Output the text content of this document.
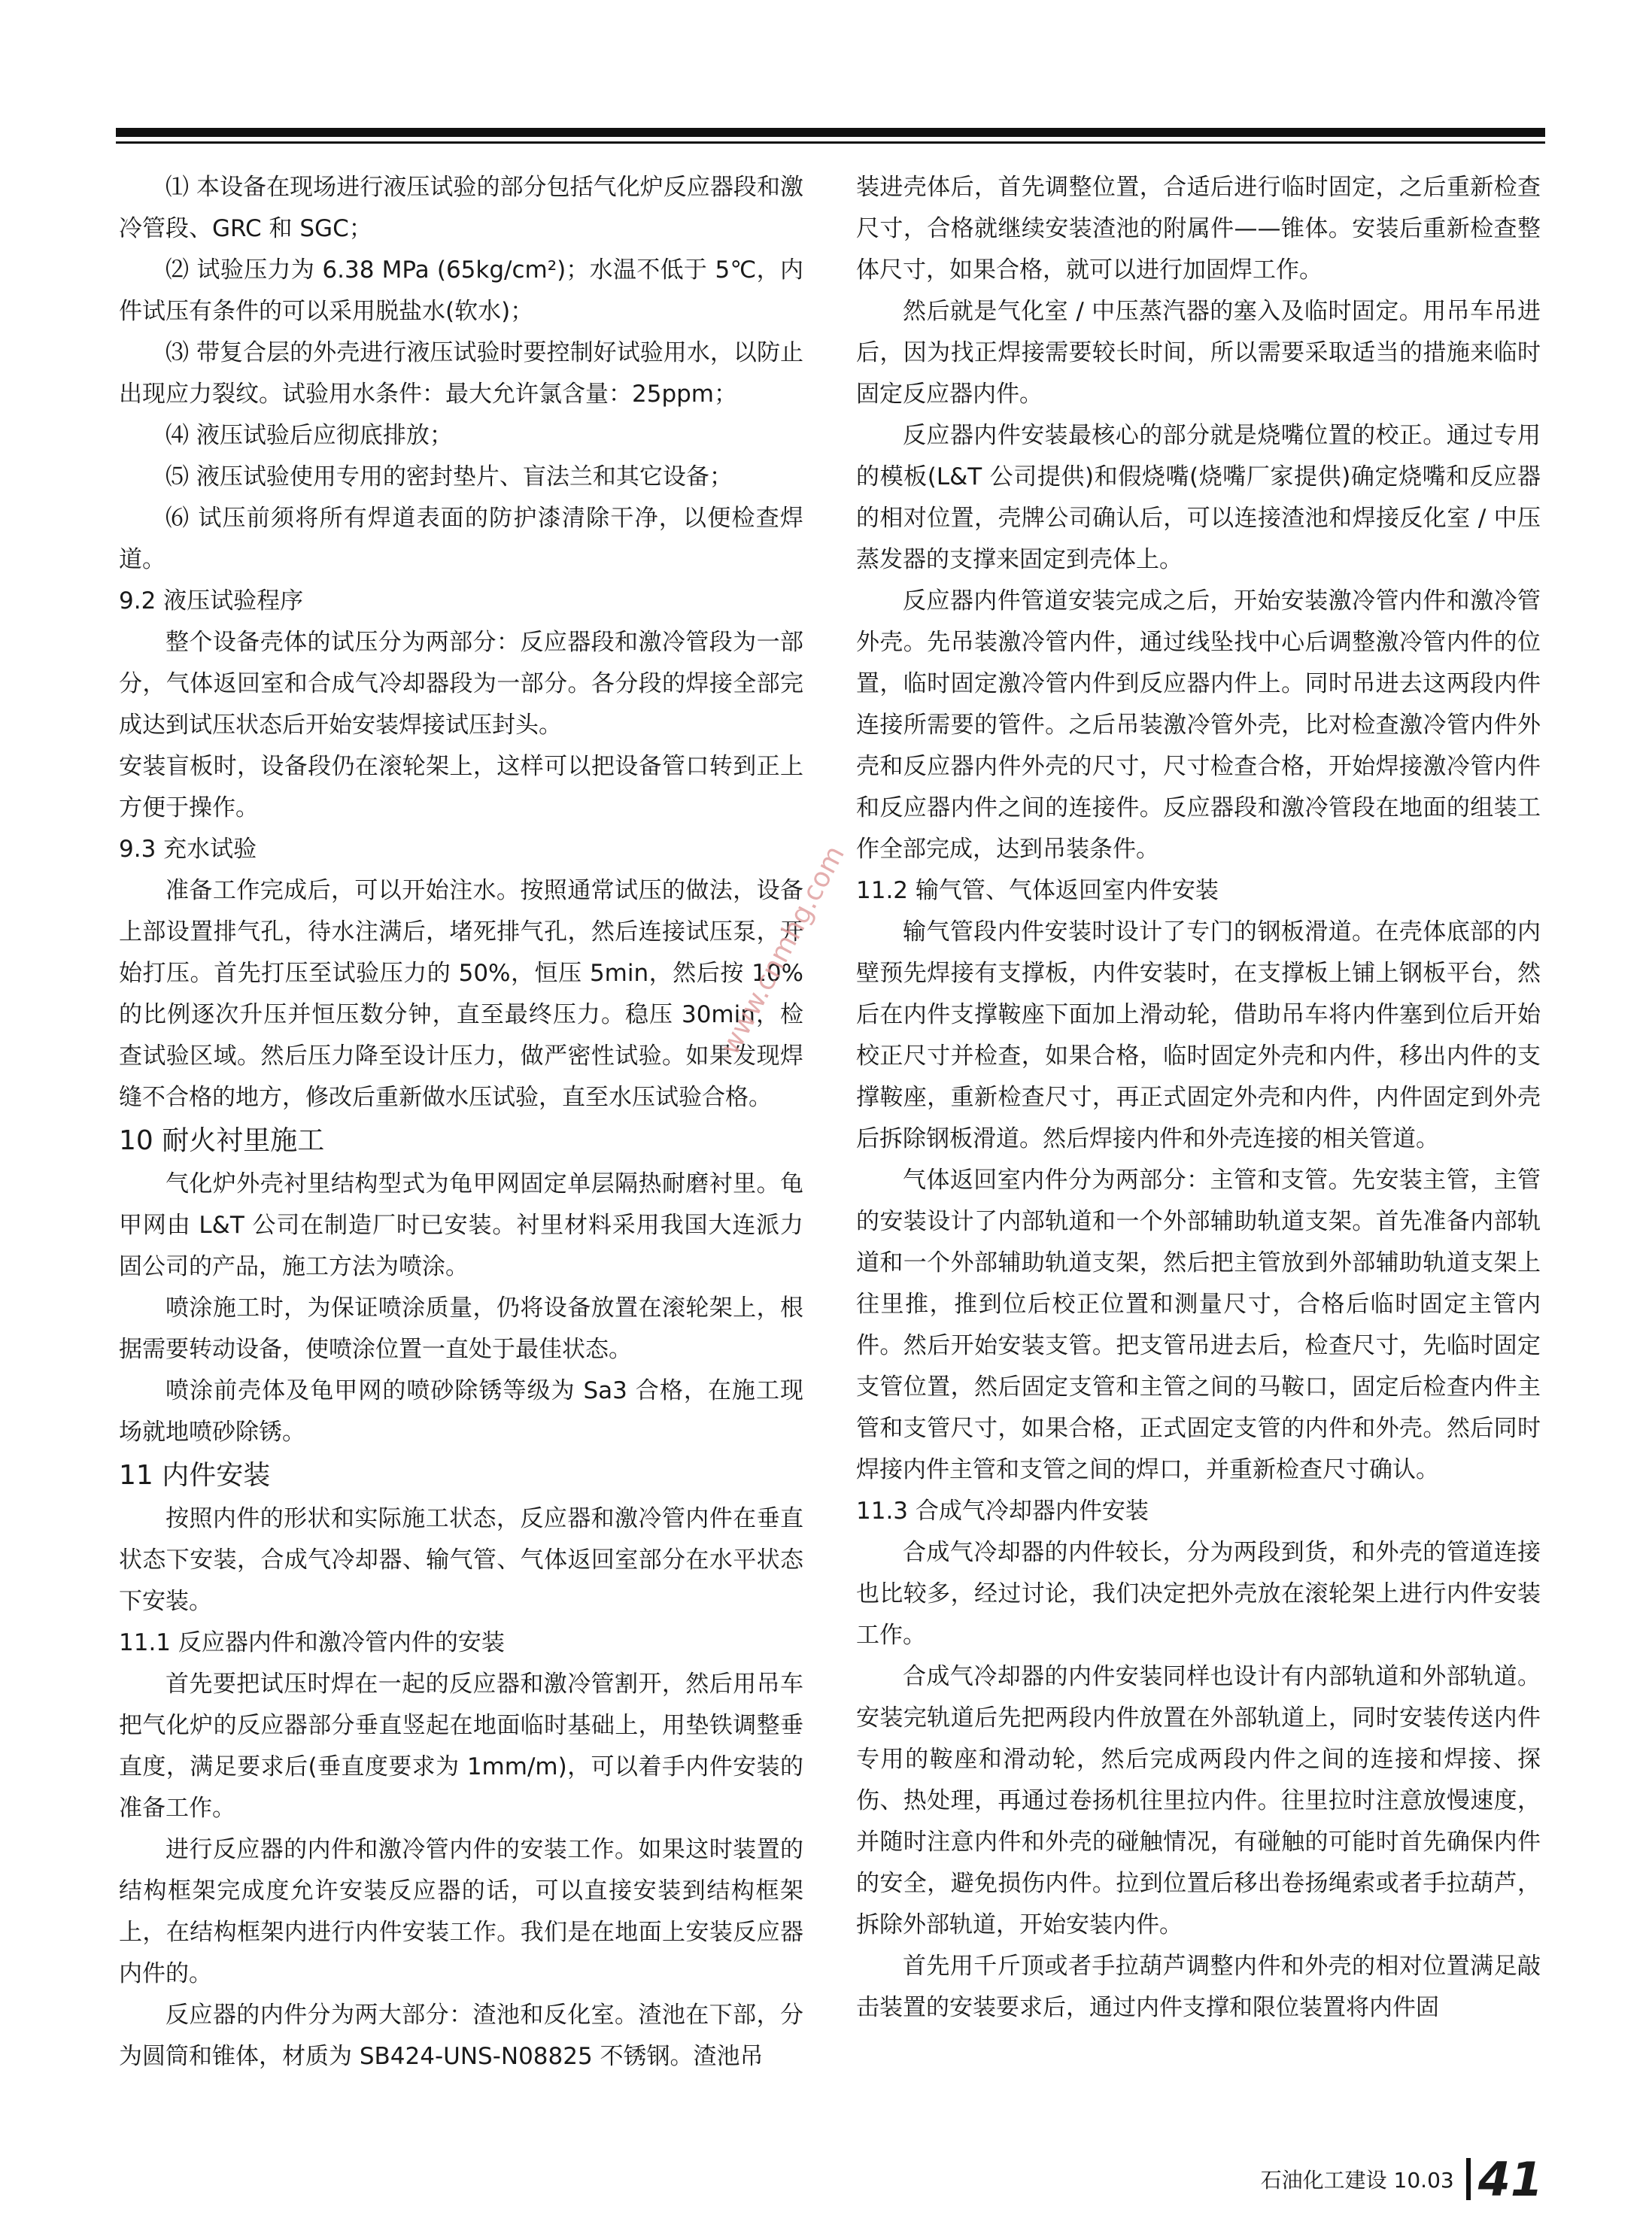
⑴ 本设备在现场进行液压试验的部分包括气化炉反应器段和激冷管段、GRC 和 SGC；

⑵ 试验压力为 6.38 MPa (65kg/cm²)；水温不低于 5℃，内件试压有条件的可以采用脱盐水(软水)；

⑶ 带复合层的外壳进行液压试验时要控制好试验用水，以防止出现应力裂纹。试验用水条件：最大允许氯含量：25ppm；

⑷ 液压试验后应彻底排放；

⑸ 液压试验使用专用的密封垫片、盲法兰和其它设备；

⑹ 试压前须将所有焊道表面的防护漆清除干净，以便检查焊道。

9.2 液压试验程序

整个设备壳体的试压分为两部分：反应器段和激冷管段为一部分，气体返回室和合成气冷却器段为一部分。各分段的焊接全部完成达到试压状态后开始安装焊接试压封头。

安装盲板时，设备段仍在滚轮架上，这样可以把设备管口转到正上方便于操作。

9.3 充水试验

准备工作完成后，可以开始注水。按照通常试压的做法，设备上部设置排气孔，待水注满后，堵死排气孔，然后连接试压泵，开始打压。首先打压至试验压力的 50%，恒压 5min，然后按 10%的比例逐次升压并恒压数分钟，直至最终压力。稳压 30min，检查试验区域。然后压力降至设计压力，做严密性试验。如果发现焊缝不合格的地方，修改后重新做水压试验，直至水压试验合格。

10 耐火衬里施工

气化炉外壳衬里结构型式为龟甲网固定单层隔热耐磨衬里。龟甲网由 L&T 公司在制造厂时已安装。衬里材料采用我国大连派力固公司的产品，施工方法为喷涂。

喷涂施工时，为保证喷涂质量，仍将设备放置在滚轮架上，根据需要转动设备，使喷涂位置一直处于最佳状态。

喷涂前壳体及龟甲网的喷砂除锈等级为 Sa3 合格，在施工现场就地喷砂除锈。

11 内件安装

按照内件的形状和实际施工状态，反应器和激冷管内件在垂直状态下安装，合成气冷却器、输气管、气体返回室部分在水平状态下安装。

11.1 反应器内件和激冷管内件的安装

首先要把试压时焊在一起的反应器和激冷管割开，然后用吊车把气化炉的反应器部分垂直竖起在地面临时基础上，用垫铁调整垂直度，满足要求后(垂直度要求为 1mm/m)，可以着手内件安装的准备工作。

进行反应器的内件和激冷管内件的安装工作。如果这时装置的结构框架完成度允许安装反应器的话，可以直接安装到结构框架上，在结构框架内进行内件安装工作。我们是在地面上安装反应器内件的。

反应器的内件分为两大部分：渣池和反化室。渣池在下部，分为圆筒和锥体，材质为 SB424-UNS-N08825 不锈钢。渣池吊

装进壳体后，首先调整位置，合适后进行临时固定，之后重新检查尺寸，合格就继续安装渣池的附属件——锥体。安装后重新检查整体尺寸，如果合格，就可以进行加固焊工作。

然后就是气化室 / 中压蒸汽器的塞入及临时固定。用吊车吊进后，因为找正焊接需要较长时间，所以需要采取适当的措施来临时固定反应器内件。

反应器内件安装最核心的部分就是烧嘴位置的校正。通过专用的模板(L&T 公司提供)和假烧嘴(烧嘴厂家提供)确定烧嘴和反应器的相对位置，壳牌公司确认后，可以连接渣池和焊接反化室 / 中压蒸发器的支撑来固定到壳体上。

反应器内件管道安装完成之后，开始安装激冷管内件和激冷管外壳。先吊装激冷管内件，通过线坠找中心后调整激冷管内件的位置，临时固定激冷管内件到反应器内件上。同时吊进去这两段内件连接所需要的管件。之后吊装激冷管外壳，比对检查激冷管内件外壳和反应器内件外壳的尺寸，尺寸检查合格，开始焊接激冷管内件和反应器内件之间的连接件。反应器段和激冷管段在地面的组装工作全部完成，达到吊装条件。

11.2 输气管、气体返回室内件安装

输气管段内件安装时设计了专门的钢板滑道。在壳体底部的内壁预先焊接有支撑板，内件安装时，在支撑板上铺上钢板平台，然后在内件支撑鞍座下面加上滑动轮，借助吊车将内件塞到位后开始校正尺寸并检查，如果合格，临时固定外壳和内件，移出内件的支撑鞍座，重新检查尺寸，再正式固定外壳和内件，内件固定到外壳后拆除钢板滑道。然后焊接内件和外壳连接的相关管道。

气体返回室内件分为两部分：主管和支管。先安装主管，主管的安装设计了内部轨道和一个外部辅助轨道支架。首先准备内部轨道和一个外部辅助轨道支架，然后把主管放到外部辅助轨道支架上往里推，推到位后校正位置和测量尺寸，合格后临时固定主管内件。然后开始安装支管。把支管吊进去后，检查尺寸，先临时固定支管位置，然后固定支管和主管之间的马鞍口，固定后检查内件主管和支管尺寸，如果合格，正式固定支管的内件和外壳。然后同时焊接内件主管和支管之间的焊口，并重新检查尺寸确认。

11.3 合成气冷却器内件安装

合成气冷却器的内件较长，分为两段到货，和外壳的管道连接也比较多，经过讨论，我们决定把外壳放在滚轮架上进行内件安装工作。

合成气冷却器的内件安装同样也设计有内部轨道和外部轨道。安装完轨道后先把两段内件放置在外部轨道上，同时安装传送内件专用的鞍座和滑动轮，然后完成两段内件之间的连接和焊接、探伤、热处理，再通过卷扬机往里拉内件。往里拉时注意放慢速度，并随时注意内件和外壳的碰触情况，有碰触的可能时首先确保内件的安全，避免损伤内件。拉到位置后移出卷扬绳索或者手拉葫芦，拆除外部轨道，开始安装内件。

首先用千斤顶或者手拉葫芦调整内件和外壳的相对位置满足敲击装置的安装要求后，通过内件支撑和限位装置将内件固

www.cnmhg.com
石油化工建设 10.03 41
